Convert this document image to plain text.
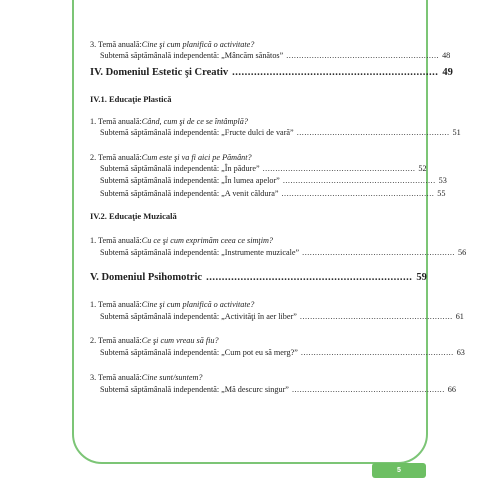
3. Temă anuală: Cine şi cum planifică o activitate?
Subtemă săptămânală independentă: „Mâncăm sănătos” ............................................................ 48
IV. Domeniul Estetic şi Creativ .................................................................. 49
IV.1. Educaţie Plastică
1. Temă anuală: Când, cum şi de ce se întâmplă?
Subtemă săptămânală independentă: „Fructe dulci de vară” ............................................................ 51
2. Temă anuală: Cum este şi va fi aici pe Pământ?
Subtemă săptămânală independentă: „În pădure” ............................................................ 52
Subtemă săptămânală independentă: „În lumea apelor” ............................................................ 53
Subtemă săptămânală independentă: „A venit căldura” ............................................................ 55
IV.2. Educaţie Muzicală
1. Temă anuală: Cu ce şi cum exprimăm ceea ce simţim?
Subtemă săptămânală independentă: „Instrumente muzicale” ............................................................ 56
V. Domeniul Psihomotric .................................................................. 59
1. Temă anuală: Cine şi cum planifică o activitate?
Subtemă săptămânală independentă: „Activităţi în aer liber” ............................................................ 61
2. Temă anuală: Ce şi cum vreau să fiu?
Subtemă săptămânală independentă: „Cum pot eu să merg?” ............................................................ 63
3. Temă anuală: Cine sunt/suntem?
Subtemă săptămânală independentă: „Mă descurc singur” ............................................................ 66
5
